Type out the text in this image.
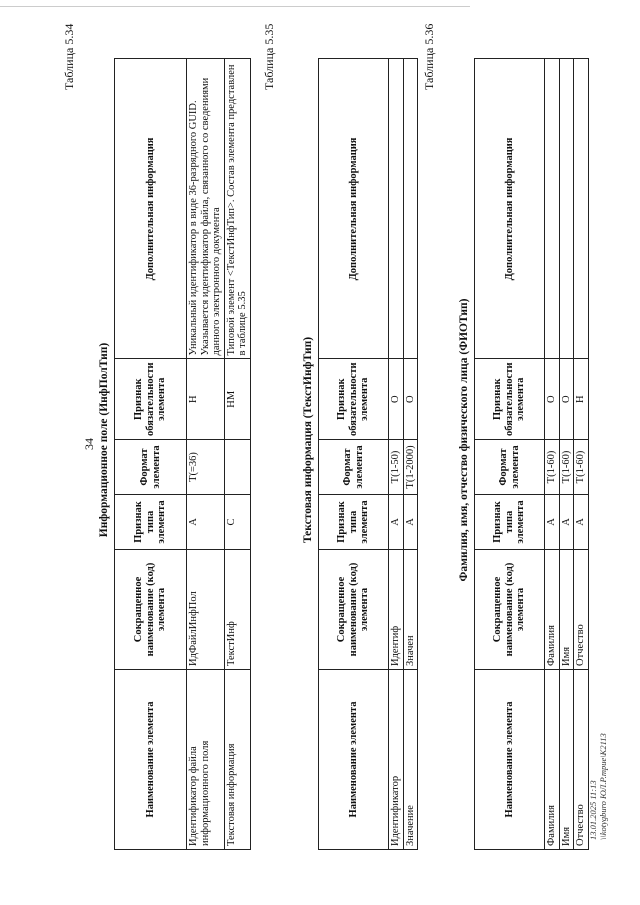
34
Таблица 5.34
Информационное поле (ИнфПолТип)
Наименование элемента	Сокращенное наименование (код) элемента	Признак типа элемента	Формат элемента	Признак обязательности элемента	Дополнительная информация
Идентификатор файла информационного поля	ИдФайлИнфПол	А	T(=36)	Н	Уникальный идентификатор в виде 36-разрядного GUID. Указывается идентификатор файла, связанного со сведениями данного электронного документа
Текстовая информация	ТекстИнф	С		НМ	Типовой элемент <ТекстИнфТип>. Состав элемента представлен в таблице 5.35
Таблица 5.35
Текстовая информация (ТекстИнфТип)
Наименование элемента	Сокращенное наименование (код) элемента	Признак типа элемента	Формат элемента	Признак обязательности элемента	Дополнительная информация
Идентификатор	Идентиф	А	T(1-50)	О	
Значение	Значен	А	T(1-2000)	О	
Таблица 5.36
Фамилия, имя, отчество физического лица (ФИОТип)
Наименование элемента	Сокращенное наименование (код) элемента	Признак типа элемента	Формат элемента	Признак обязательности элемента	Дополнительная информация
Фамилия	Фамилия	А	T(1-60)	О	
Имя	Имя	А	T(1-60)	О	
Отчество	Отчество	А	T(1-60)	Н	
13.01.2025 11:13 \\kotygburo ЮЛ.Р.mpue\К2113
